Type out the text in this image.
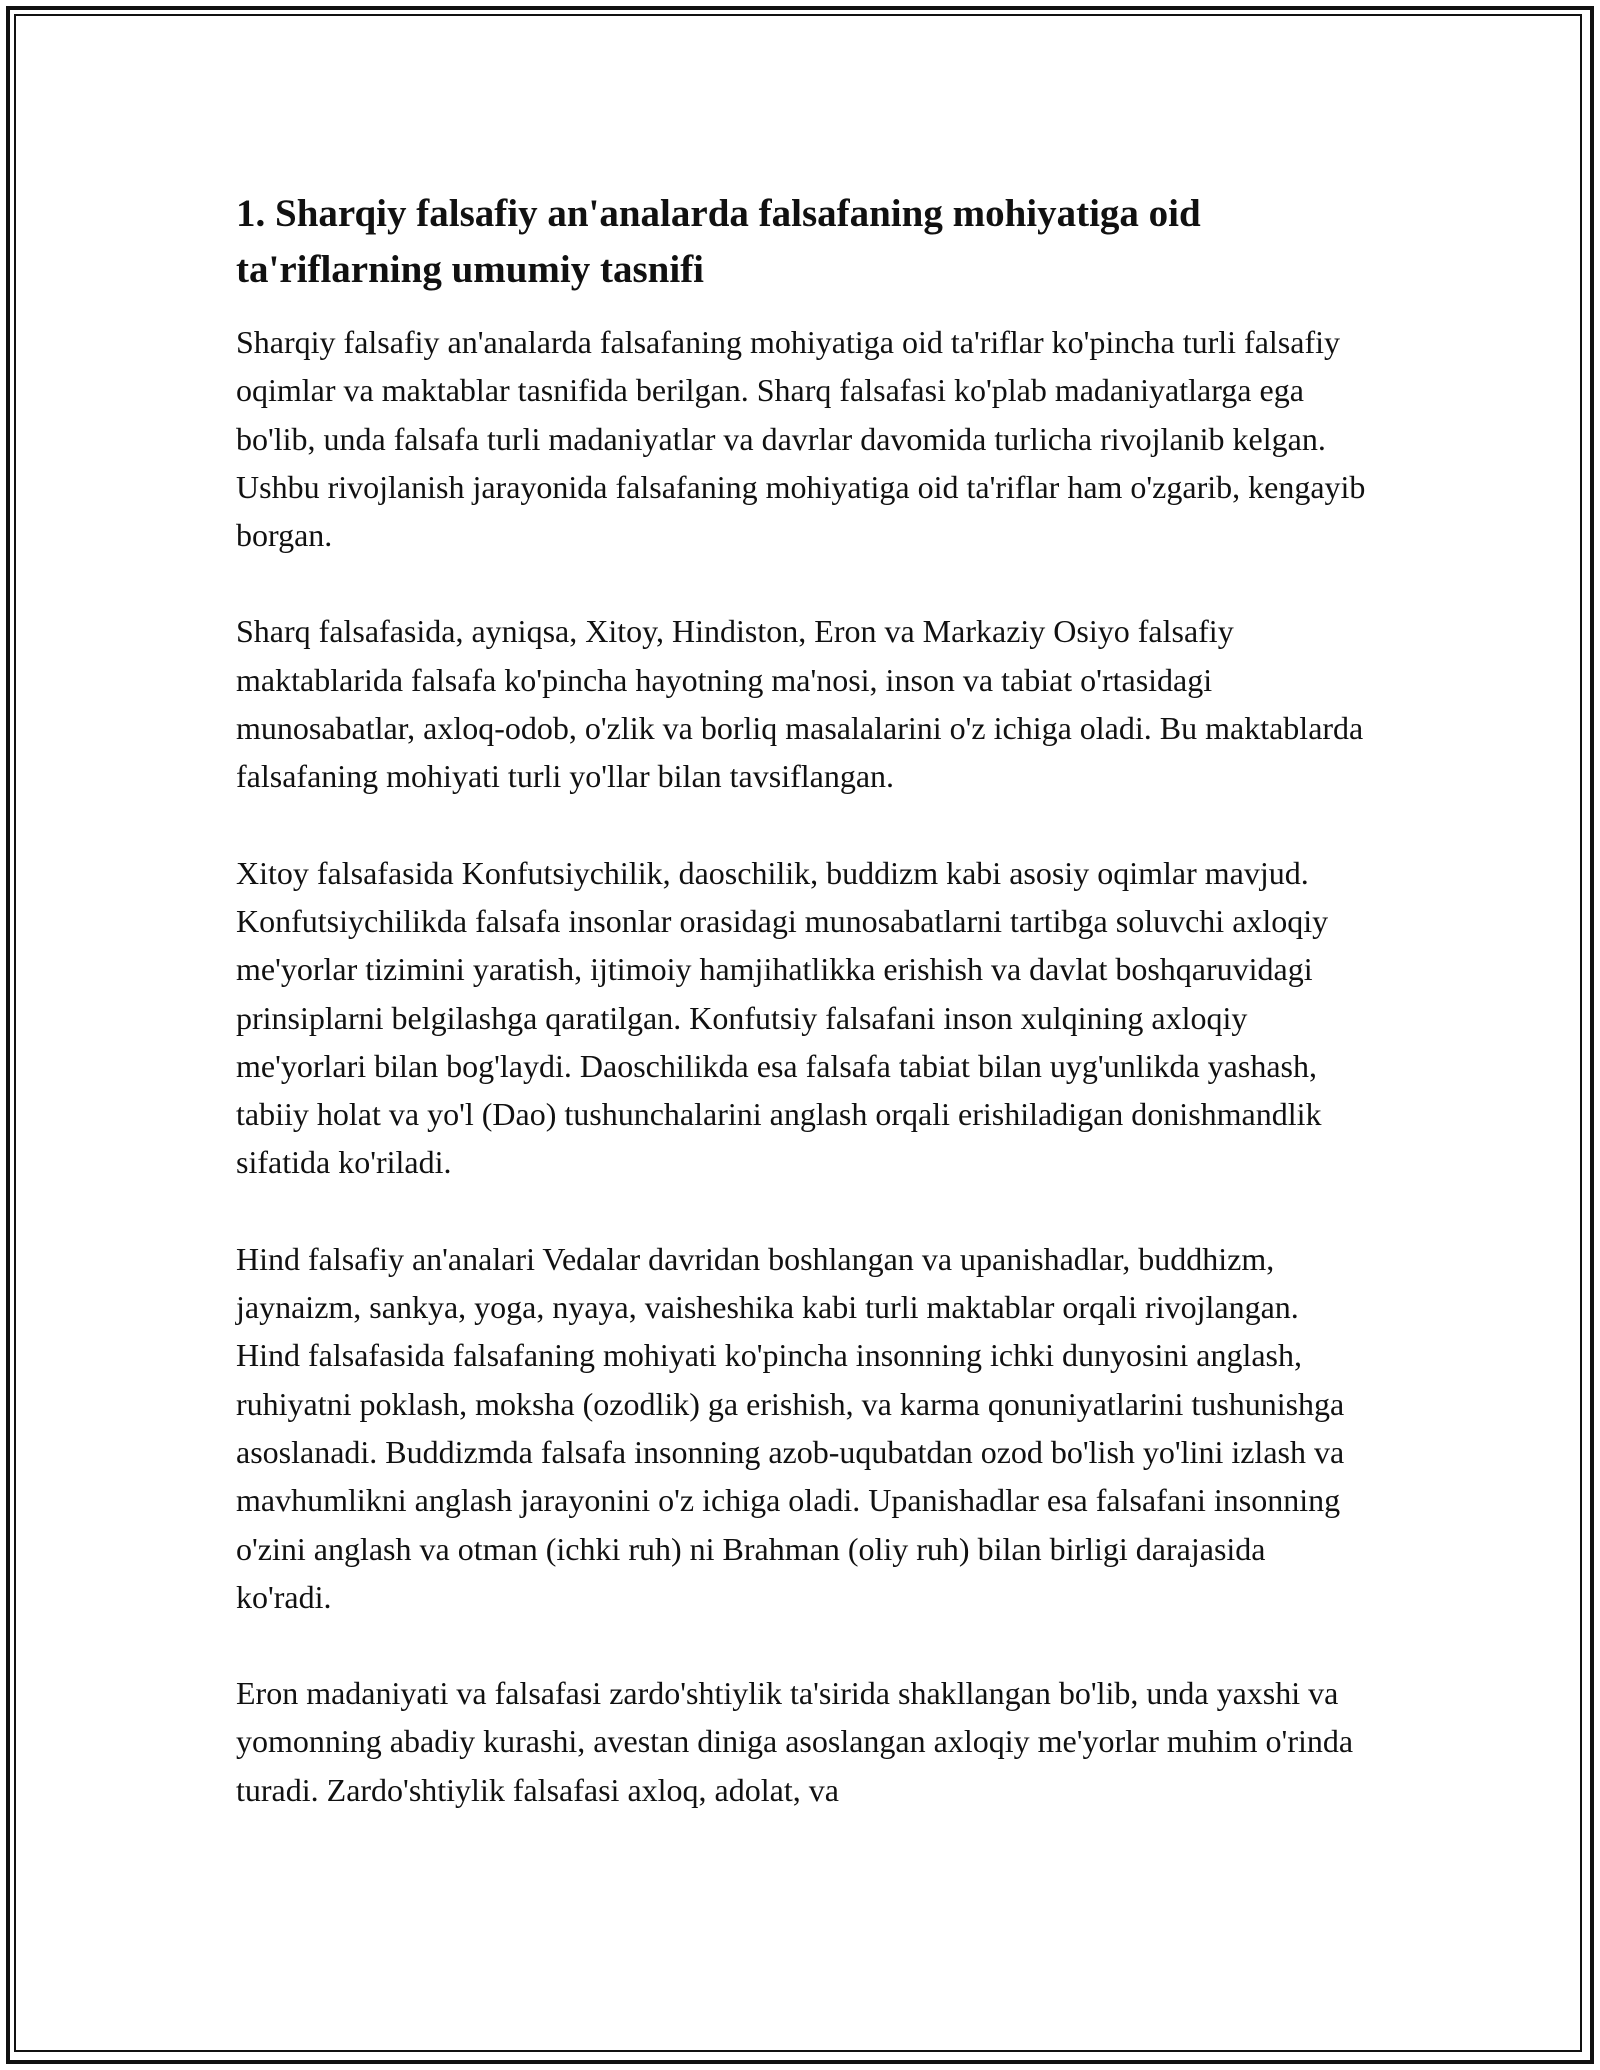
1. Sharqiy falsafiy an'analarda falsafaning mohiyatiga oid ta'riflarning umumiy tasnifi

Sharqiy falsafiy an'analarda falsafaning mohiyatiga oid ta'riflar ko'pincha turli falsafiy oqimlar va maktablar tasnifida berilgan. Sharq falsafasi ko'plab madaniyatlarga ega bo'lib, unda falsafa turli madaniyatlar va davrlar davomida turlicha rivojlanib kelgan. Ushbu rivojlanish jarayonida falsafaning mohiyatiga oid ta'riflar ham o'zgarib, kengayib borgan.

Sharq falsafasida, ayniqsa, Xitoy, Hindiston, Eron va Markaziy Osiyo falsafiy maktablarida falsafa ko'pincha hayotning ma'nosi, inson va tabiat o'rtasidagi munosabatlar, axloq-odob, o'zlik va borliq masalalarini o'z ichiga oladi. Bu maktablarda falsafaning mohiyati turli yo'llar bilan tavsiflangan.

Xitoy falsafasida Konfutsiychilik, daoschilik, buddizm kabi asosiy oqimlar mavjud. Konfutsiychilikda falsafa insonlar orasidagi munosabatlarni tartibga soluvchi axloqiy me'yorlar tizimini yaratish, ijtimoiy hamjihatlikka erishish va davlat boshqaruvidagi prinsiplarni belgilashga qaratilgan. Konfutsiy falsafani inson xulqining axloqiy me'yorlari bilan bog'laydi. Daoschilikda esa falsafa tabiat bilan uyg'unlikda yashash, tabiiy holat va yo'l (Dao) tushunchalarini anglash orqali erishiladigan donishmandlik sifatida ko'riladi.

Hind falsafiy an'analari Vedalar davridan boshlangan va upanishadlar, buddhizm, jaynaizm, sankya, yoga, nyaya, vaisheshika kabi turli maktablar orqali rivojlangan. Hind falsafasida falsafaning mohiyati ko'pincha insonning ichki dunyosini anglash, ruhiyatni poklash, moksha (ozodlik) ga erishish, va karma qonuniyatlarini tushunishga asoslanadi. Buddizmda falsafa insonning azob-uqubatdan ozod bo'lish yo'lini izlash va mavhumlikni anglash jarayonini o'z ichiga oladi. Upanishadlar esa falsafani insonning o'zini anglash va otman (ichki ruh) ni Brahman (oliy ruh) bilan birligi darajasida ko'radi.

Eron madaniyati va falsafasi zardo'shtiylik ta'sirida shakllangan bo'lib, unda yaxshi va yomonning abadiy kurashi, avestan diniga asoslangan axloqiy me'yorlar muhim o'rinda turadi. Zardo'shtiylik falsafasi axloq, adolat, va
